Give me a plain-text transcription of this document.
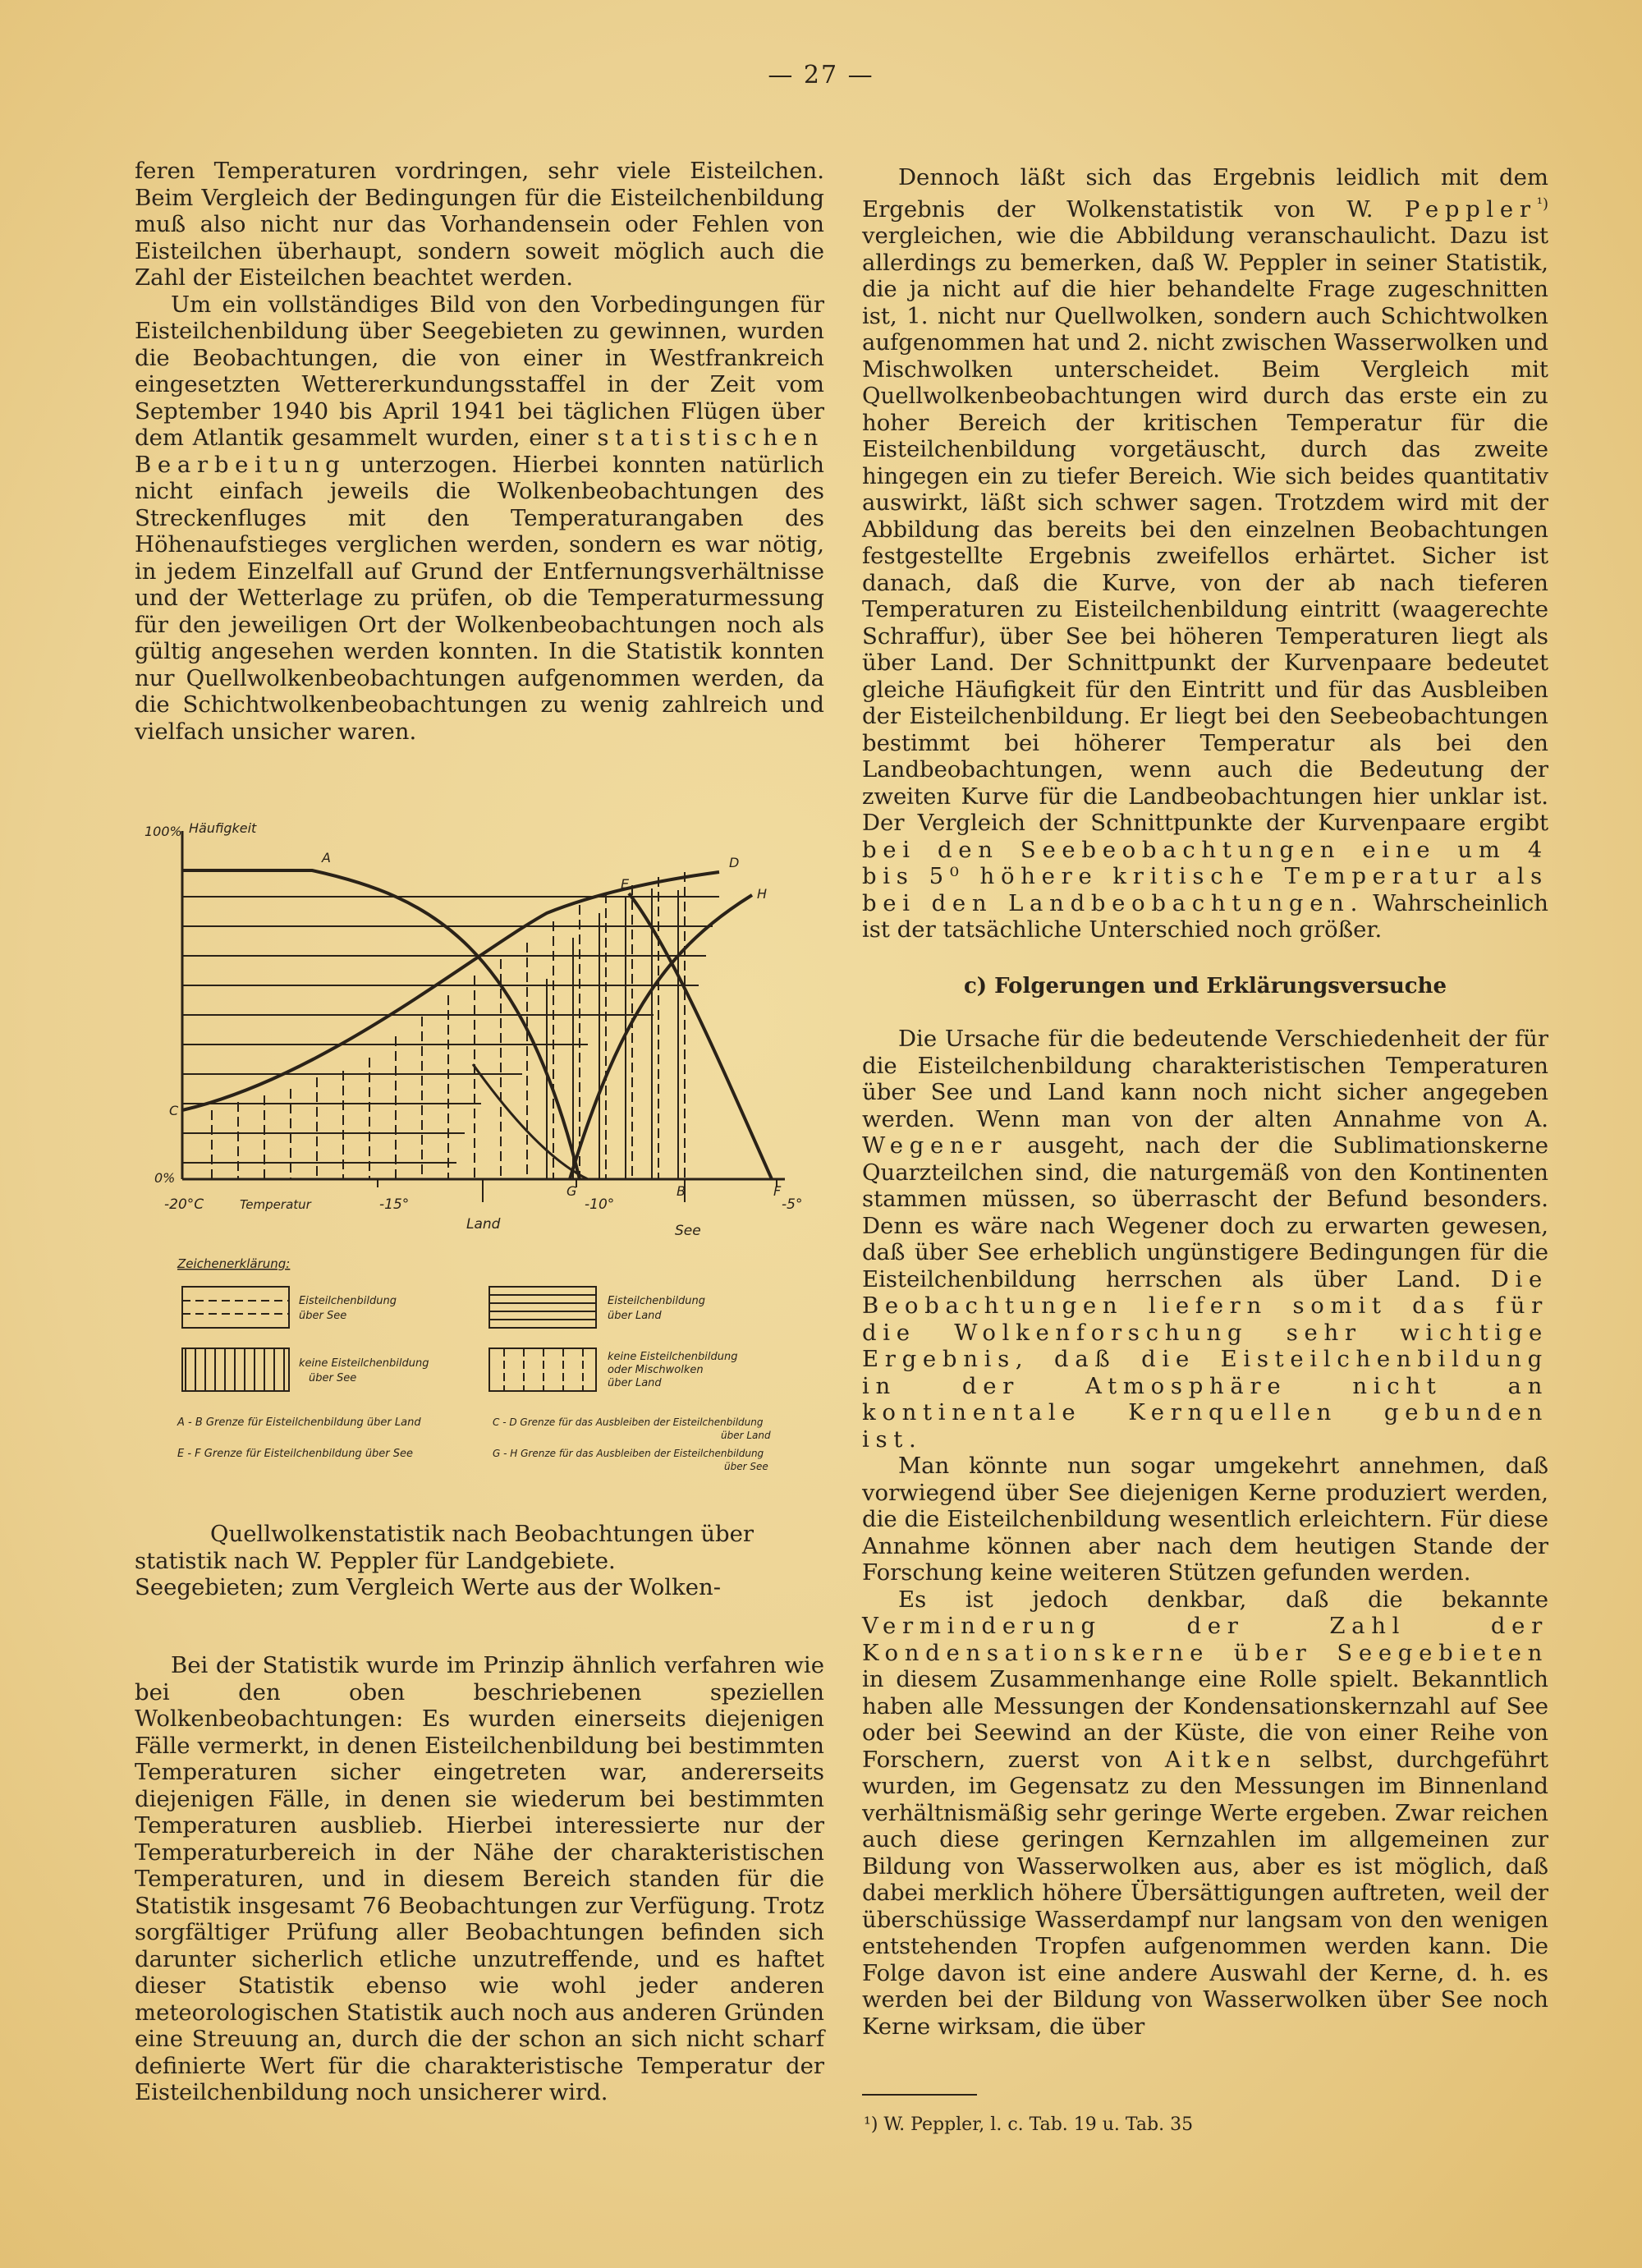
— 27 —

feren Temperaturen vordringen, sehr viele Eisteilchen. Beim Vergleich der Bedingungen für die Eisteilchenbildung muß also nicht nur das Vorhandensein oder Fehlen von Eisteilchen überhaupt, sondern soweit möglich auch die Zahl der Eisteilchen beachtet werden.

Um ein vollständiges Bild von den Vorbedingungen für Eisteilchenbildung über Seegebieten zu gewinnen, wurden die Beobachtungen, die von einer in Westfrankreich eingesetzten Wettererkundungsstaffel in der Zeit vom September 1940 bis April 1941 bei täglichen Flügen über dem Atlantik gesammelt wurden, einer statistischen Bearbeitung unterzogen. Hierbei konnten natürlich nicht einfach jeweils die Wolkenbeobachtungen des Streckenfluges mit den Temperaturangaben des Höhenaufstieges verglichen werden, sondern es war nötig, in jedem Einzelfall auf Grund der Entfernungsverhältnisse und der Wetterlage zu prüfen, ob die Temperaturmessung für den jeweiligen Ort der Wolkenbeobachtungen noch als gültig angesehen werden konnten. In die Statistik konnten nur Quellwolkenbeobachtungen aufgenommen werden, da die Schichtwolkenbeobachtungen zu wenig zahlreich und vielfach unsicher waren.

100% Häufigkeit
0%
A
C
D
E
H
G	B	F
-20°C	Temperatur	-15°	-10°	-5°
Land	See
Zeichenerklärung:
Eisteilchenbildung
über See
Eisteilchenbildung
über Land
keine Eisteilchenbildung
über See
keine Eisteilchenbildung
oder Mischwolken
über Land
A - B Grenze für Eisteilchenbildung über Land
E - F Grenze für Eisteilchenbildung über See
C - D Grenze für das Ausbleiben der Eisteilchenbildung
über Land
G - H Grenze für das Ausbleiben der Eisteilchenbildung
über See

Quellwolkenstatistik nach Beobachtungen über

statistik nach W. Peppler für Landgebiete.

Seegebieten; zum Vergleich Werte aus der Wolken-

Bei der Statistik wurde im Prinzip ähnlich verfahren wie bei den oben beschriebenen speziellen Wolkenbeobachtungen: Es wurden einerseits diejenigen Fälle vermerkt, in denen Eisteilchenbildung bei bestimmten Temperaturen sicher eingetreten war, andererseits diejenigen Fälle, in denen sie wiederum bei bestimmten Temperaturen ausblieb. Hierbei interessierte nur der Temperaturbereich in der Nähe der charakteristischen Temperaturen, und in diesem Bereich standen für die Statistik insgesamt 76 Beobachtungen zur Verfügung. Trotz sorgfältiger Prüfung aller Beobachtungen befinden sich darunter sicherlich etliche unzutreffende, und es haftet dieser Statistik ebenso wie wohl jeder anderen meteorologischen Statistik auch noch aus anderen Gründen eine Streuung an, durch die der schon an sich nicht scharf definierte Wert für die charakteristische Temperatur der Eisteilchenbildung noch unsicherer wird.

Dennoch läßt sich das Ergebnis leidlich mit dem Ergebnis der Wolkenstatistik von W. Peppler$^{^1)}$ vergleichen, wie die Abbildung veranschaulicht. Dazu ist allerdings zu bemerken, daß W. Peppler in seiner Statistik, die ja nicht auf die hier behandelte Frage zugeschnitten ist, 1. nicht nur Quellwolken, sondern auch Schichtwolken aufgenommen hat und 2. nicht zwischen Wasserwolken und Mischwolken unterscheidet. Beim Vergleich mit Quellwolkenbeobachtungen wird durch das erste ein zu hoher Bereich der kritischen Temperatur für die Eisteilchenbildung vorgetäuscht, durch das zweite hingegen ein zu tiefer Bereich. Wie sich beides quantitativ auswirkt, läßt sich schwer sagen. Trotzdem wird mit der Abbildung das bereits bei den einzelnen Beobachtungen festgestellte Ergebnis zweifellos erhärtet. Sicher ist danach, daß die Kurve, von der ab nach tieferen Temperaturen zu Eisteilchenbildung eintritt (waagerechte Schraffur), über See bei höheren Temperaturen liegt als über Land. Der Schnittpunkt der Kurvenpaare bedeutet gleiche Häufigkeit für den Eintritt und für das Ausbleiben der Eisteilchenbildung. Er liegt bei den Seebeobachtungen bestimmt bei höherer Temperatur als bei den Landbeobachtungen, wenn auch die Bedeutung der zweiten Kurve für die Landbeobachtungen hier unklar ist. Der Vergleich der Schnittpunkte der Kurvenpaare ergibt bei den Seebeobachtungen eine um 4 bis 5⁰ höhere kritische Temperatur als bei den Landbeobachtungen. Wahrscheinlich ist der tatsächliche Unterschied noch größer.

c) Folgerungen und Erklärungsversuche

Die Ursache für die bedeutende Verschiedenheit der für die Eisteilchenbildung charakteristischen Temperaturen über See und Land kann noch nicht sicher angegeben werden. Wenn man von der alten Annahme von A. Wegener ausgeht, nach der die Sublimationskerne Quarzteilchen sind, die naturgemäß von den Kontinenten stammen müssen, so überrascht der Befund besonders. Denn es wäre nach Wegener doch zu erwarten gewesen, daß über See erheblich ungünstigere Bedingungen für die Eisteilchenbildung herrschen als über Land. Die Beobachtungen liefern somit das für die Wolkenforschung sehr wichtige Ergebnis, daß die Eisteilchenbildung in der Atmosphäre nicht an kontinentale Kernquellen gebunden ist.

Man könnte nun sogar umgekehrt annehmen, daß vorwiegend über See diejenigen Kerne produziert werden, die die Eisteilchenbildung wesentlich erleichtern. Für diese Annahme können aber nach dem heutigen Stande der Forschung keine weiteren Stützen gefunden werden.

Es ist jedoch denkbar, daß die bekannte Verminderung der Zahl der Kondensationskerne über Seegebieten in diesem Zusammenhange eine Rolle spielt. Bekanntlich haben alle Messungen der Kondensationskernzahl auf See oder bei Seewind an der Küste, die von einer Reihe von Forschern, zuerst von Aitken selbst, durchgeführt wurden, im Gegensatz zu den Messungen im Binnenland verhältnismäßig sehr geringe Werte ergeben. Zwar reichen auch diese geringen Kernzahlen im allgemeinen zur Bildung von Wasserwolken aus, aber es ist möglich, daß dabei merklich höhere Übersättigungen auftreten, weil der überschüssige Wasserdampf nur langsam von den wenigen entstehenden Tropfen aufgenommen werden kann. Die Folge davon ist eine andere Auswahl der Kerne, d. h. es werden bei der Bildung von Wasserwolken über See noch Kerne wirksam, die über

¹) W. Peppler, l. c. Tab. 19 u. Tab. 35
